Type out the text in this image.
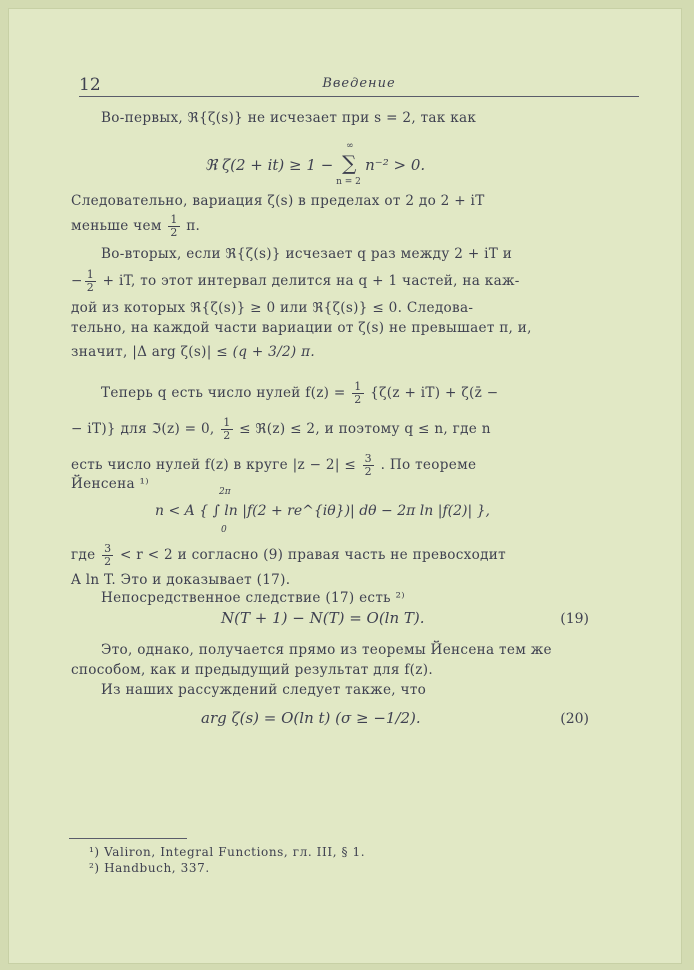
12	Введение
Во-первых, ℜ{ζ(s)} не исчезает при s = 2, так как
ℜ ζ(2 + it) ≥ 1 − ∑
∞
n = 2
n⁻² > 0.
Следовательно, вариация ζ(s) в пределах от 2 до 2 + iT
меньше чем $\frac{1}{2} \pi$.
Во-вторых, если ℜ{ζ(s)} исчезает q раз между 2 + iT и
− $\frac{1}{2}$ + iT, то этот интервал делится на q + 1 частей, на каж-
дой из которых ℜ{ζ(s)} ≥ 0 или ℜ{ζ(s)} ≤ 0. Следова-
тельно, на каждой части вариации от ζ(s) не превышает π, и,
значит, |Δ arg ζ(s)| ≤ (q + 3/2) π.
Теперь q есть число нулей $f(z) = \frac{1}{2} \{\zeta(z + iT)$ + ζ(z̄ −
− iT)} для ℑ(z) = 0, $\frac{1}{2}$ ≤ ℜ(z) ≤ 2, и поэтому q ≤ n, где n
есть число нулей f(z) в круге $|z - 2| \le \frac{3}{2}$ . По теореме
Йенсена ¹⁾	2π
n < A { ∫ ln |f(2 + re^{iθ})| dθ − 2π ln |f(2)| },
0
где $\frac{3}{2} < r < 2$ и согласно (9) правая часть не превосходит
A ln T. Это и доказывает (17).
Непосредственное следствие (17) есть ²⁾
N(T + 1) − N(T) = O(ln T).	(19)
Это, однако, получается прямо из теоремы Йенсена тем же
способом, как и предыдущий результат для f(z).
Из наших рассуждений следует также, что
arg ζ(s) = O(ln t) (σ ≥ −1/2).	(20)
¹) Valiron, Integral Functions, гл. III, § 1.
²) Handbuch, 337.
